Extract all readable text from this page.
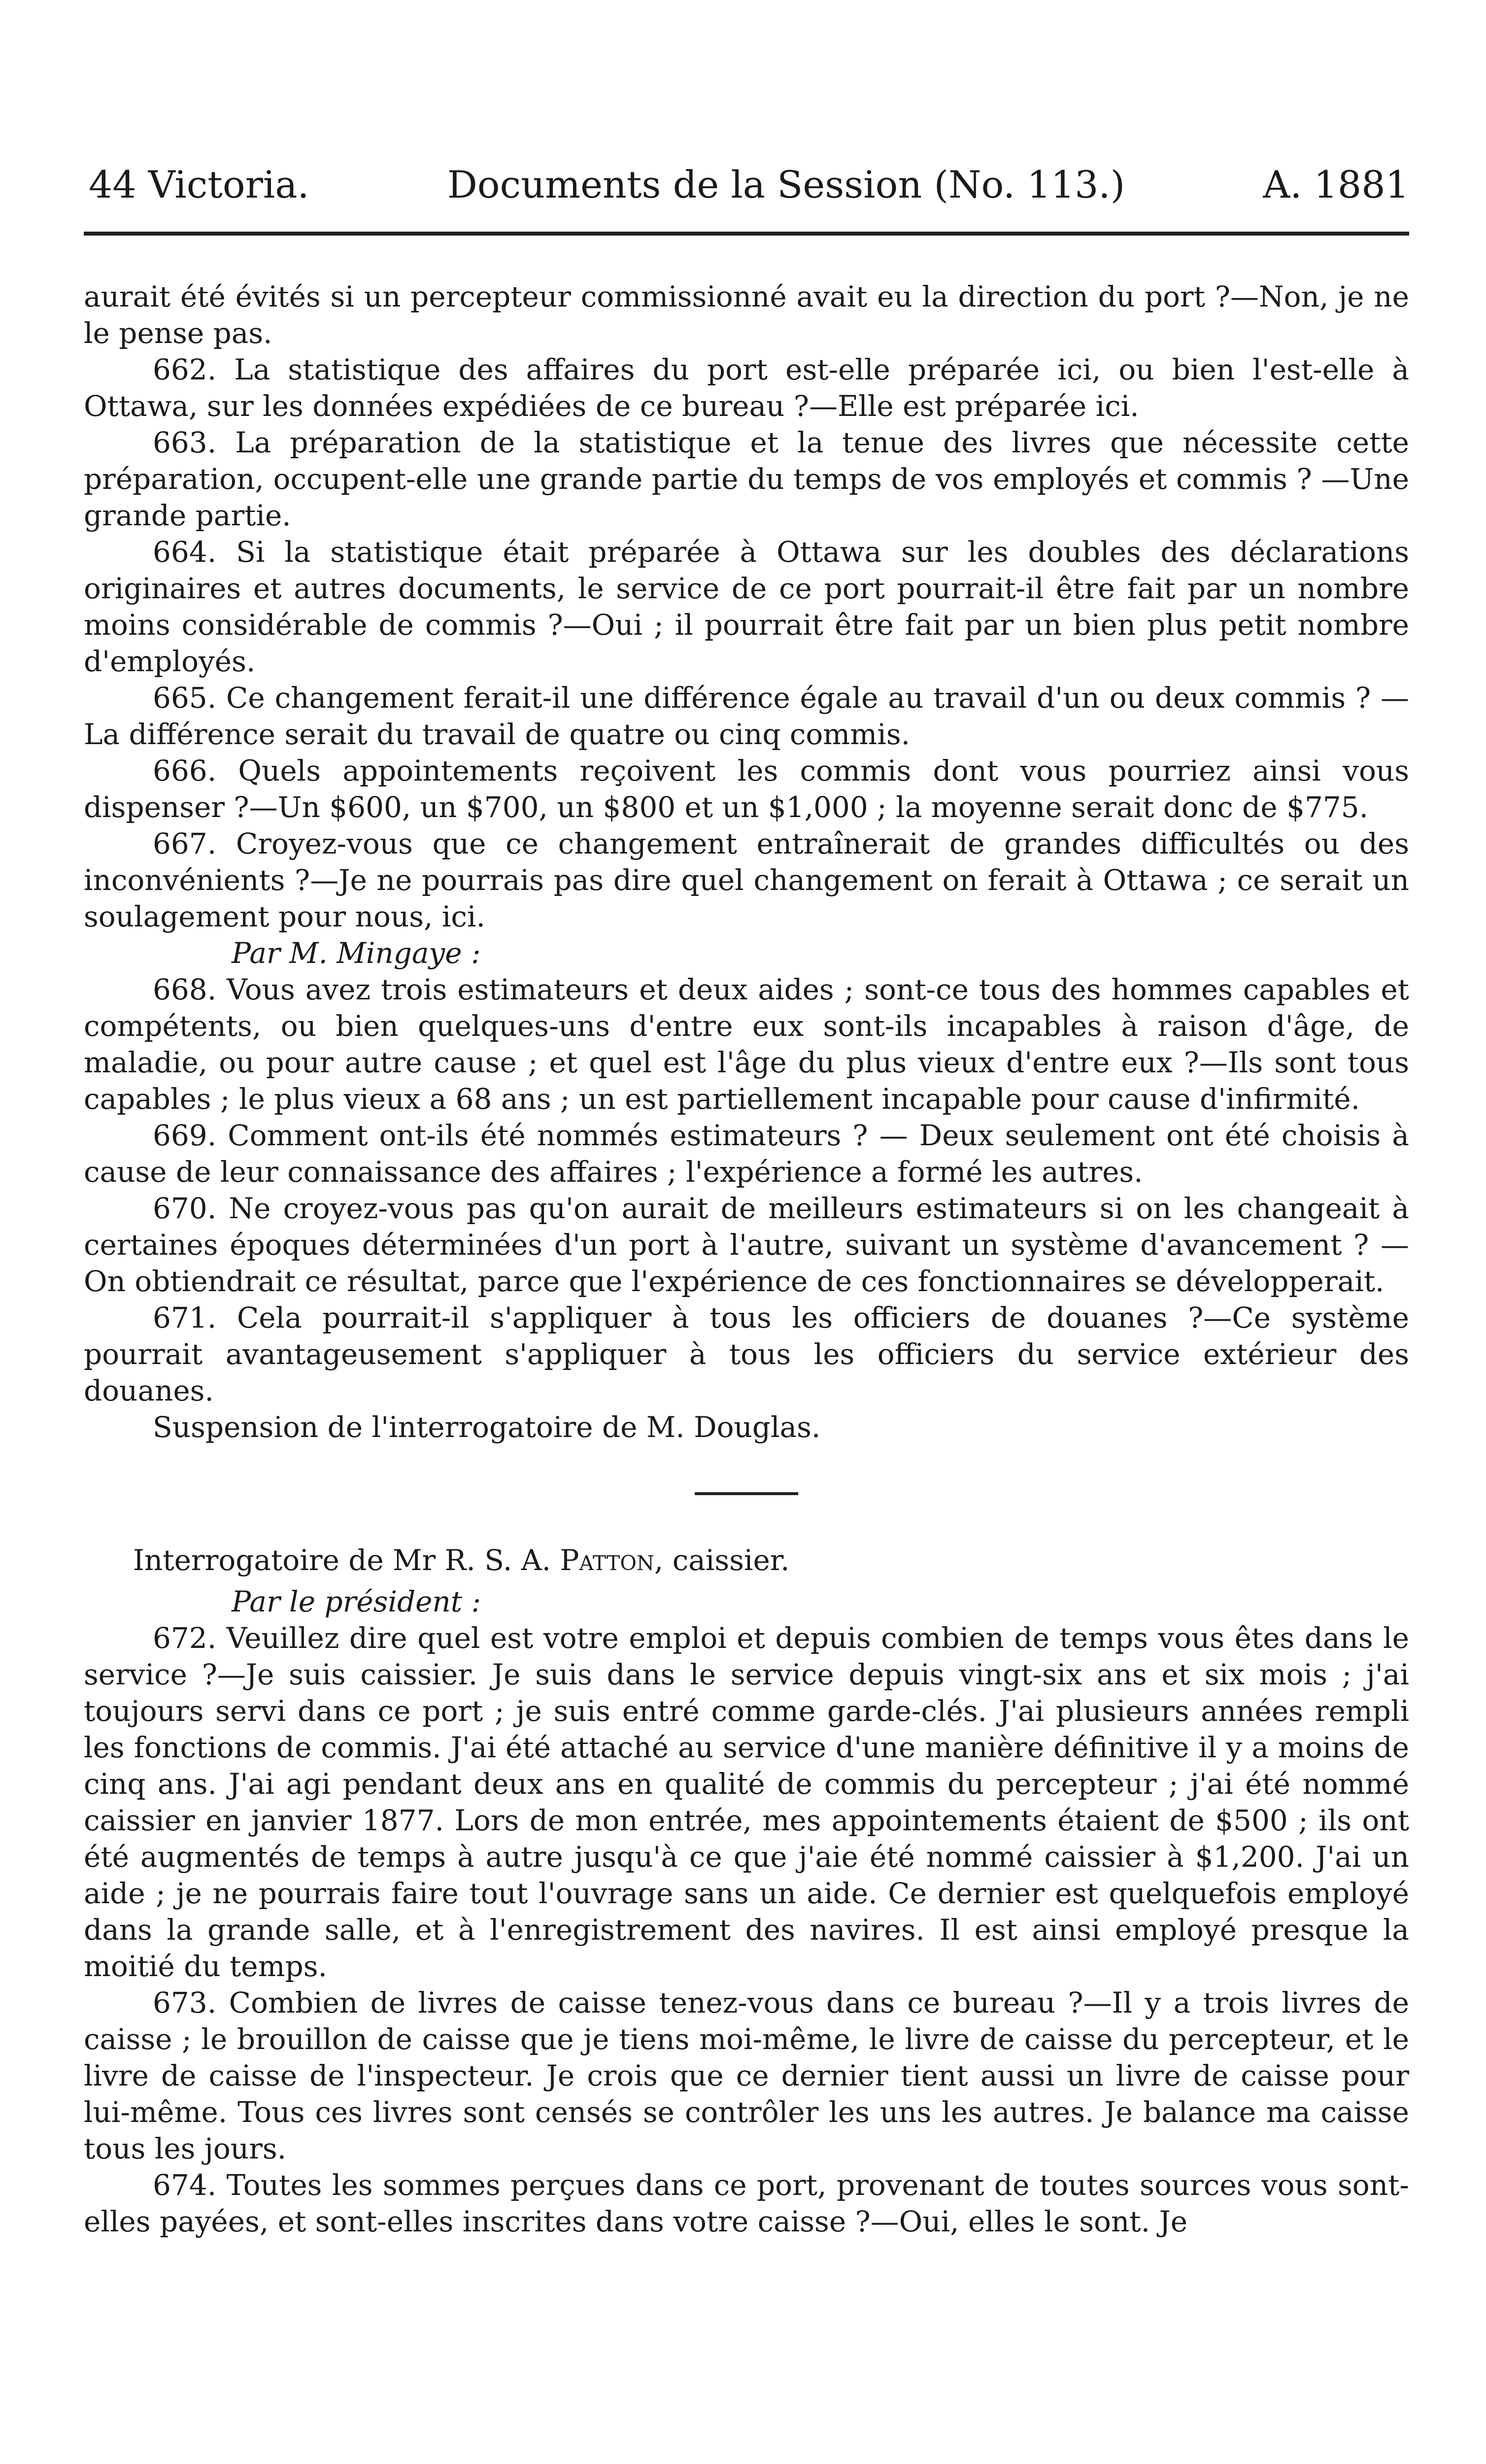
44 Victoria.	Documents de la Session (No. 113.)	A. 1881

aurait été évités si un percepteur commissionné avait eu la direction du port ?—Non, je ne le pense pas.

662. La statistique des affaires du port est-elle préparée ici, ou bien l'est-elle à Ottawa, sur les données expédiées de ce bureau ?—Elle est préparée ici.

663. La préparation de la statistique et la tenue des livres que nécessite cette préparation, occupent-elle une grande partie du temps de vos employés et commis ? —Une grande partie.

664. Si la statistique était préparée à Ottawa sur les doubles des déclarations originaires et autres documents, le service de ce port pourrait-il être fait par un nombre moins considérable de commis ?—Oui ; il pourrait être fait par un bien plus petit nombre d'employés.

665. Ce changement ferait-il une différence égale au travail d'un ou deux commis ? —La différence serait du travail de quatre ou cinq commis.

666. Quels appointements reçoivent les commis dont vous pourriez ainsi vous dispenser ?—Un $600, un $700, un $800 et un $1,000 ; la moyenne serait donc de $775.

667. Croyez-vous que ce changement entraînerait de grandes difficultés ou des inconvénients ?—Je ne pourrais pas dire quel changement on ferait à Ottawa ; ce serait un soulagement pour nous, ici.

Par M. Mingaye :

668. Vous avez trois estimateurs et deux aides ; sont-ce tous des hommes capables et compétents, ou bien quelques-uns d'entre eux sont-ils incapables à raison d'âge, de maladie, ou pour autre cause ; et quel est l'âge du plus vieux d'entre eux ?—Ils sont tous capables ; le plus vieux a 68 ans ; un est partiellement incapable pour cause d'infirmité.

669. Comment ont-ils été nommés estimateurs ? — Deux seulement ont été choisis à cause de leur connaissance des affaires ; l'expérience a formé les autres.

670. Ne croyez-vous pas qu'on aurait de meilleurs estimateurs si on les changeait à certaines époques déterminées d'un port à l'autre, suivant un système d'avancement ? —On obtiendrait ce résultat, parce que l'expérience de ces fonctionnaires se développerait.

671. Cela pourrait-il s'appliquer à tous les officiers de douanes ?—Ce système pourrait avantageusement s'appliquer à tous les officiers du service extérieur des douanes.

Suspension de l'interrogatoire de M. Douglas.

Interrogatoire de Mr R. S. A. Patton, caissier.

Par le président :

672. Veuillez dire quel est votre emploi et depuis combien de temps vous êtes dans le service ?—Je suis caissier. Je suis dans le service depuis vingt-six ans et six mois ; j'ai toujours servi dans ce port ; je suis entré comme garde-clés. J'ai plusieurs années rempli les fonctions de commis. J'ai été attaché au service d'une manière définitive il y a moins de cinq ans. J'ai agi pendant deux ans en qualité de commis du percepteur ; j'ai été nommé caissier en janvier 1877. Lors de mon entrée, mes appointements étaient de $500 ; ils ont été augmentés de temps à autre jusqu'à ce que j'aie été nommé caissier à $1,200. J'ai un aide ; je ne pourrais faire tout l'ouvrage sans un aide. Ce dernier est quelquefois employé dans la grande salle, et à l'enregistrement des navires. Il est ainsi employé presque la moitié du temps.

673. Combien de livres de caisse tenez-vous dans ce bureau ?—Il y a trois livres de caisse ; le brouillon de caisse que je tiens moi-même, le livre de caisse du percepteur, et le livre de caisse de l'inspecteur. Je crois que ce dernier tient aussi un livre de caisse pour lui-même. Tous ces livres sont censés se contrôler les uns les autres. Je balance ma caisse tous les jours.

674. Toutes les sommes perçues dans ce port, provenant de toutes sources vous sont-elles payées, et sont-elles inscrites dans votre caisse ?—Oui, elles le sont. Je
